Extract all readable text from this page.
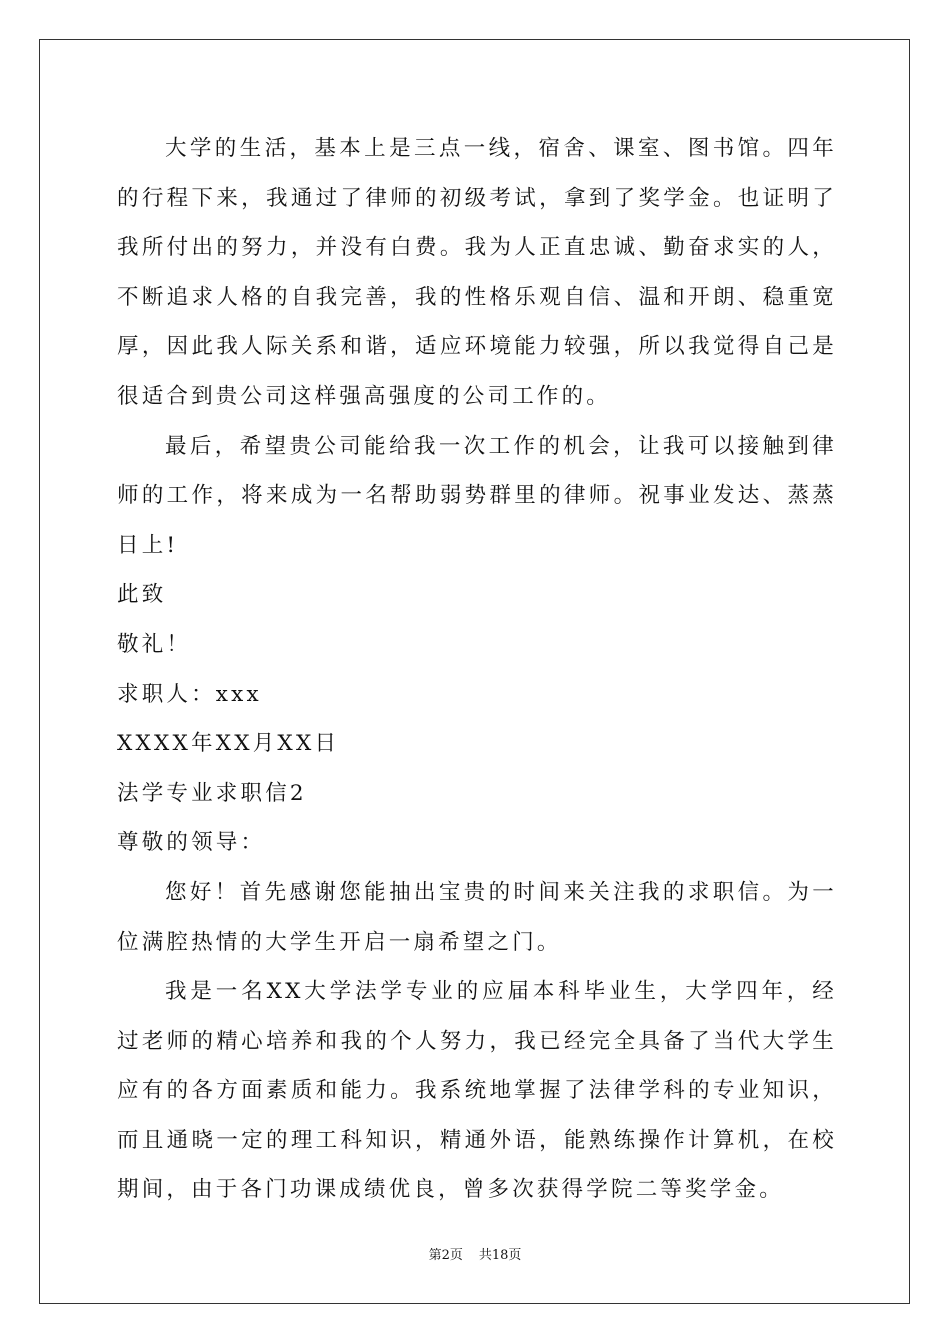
大学的生活，基本上是三点一线，宿舍、课室、图书馆。四年的行程下来，我通过了律师的初级考试，拿到了奖学金。也证明了我所付出的努力，并没有白费。我为人正直忠诚、勤奋求实的人，不断追求人格的自我完善，我的性格乐观自信、温和开朗、稳重宽厚，因此我人际关系和谐，适应环境能力较强，所以我觉得自己是很适合到贵公司这样强高强度的公司工作的。

最后，希望贵公司能给我一次工作的机会，让我可以接触到律师的工作，将来成为一名帮助弱势群里的律师。祝事业发达、蒸蒸日上!

此致

敬礼！

求职人：xxx

XXXX年XX月XX日

法学专业求职信2

尊敬的领导：

您好！首先感谢您能抽出宝贵的时间来关注我的求职信。为一位满腔热情的大学生开启一扇希望之门。

我是一名XX大学法学专业的应届本科毕业生，大学四年，经过老师的精心培养和我的个人努力，我已经完全具备了当代大学生应有的各方面素质和能力。我系统地掌握了法律学科的专业知识，而且通晓一定的理工科知识，精通外语，能熟练操作计算机，在校期间，由于各门功课成绩优良，曾多次获得学院二等奖学金。

第2页 共18页
